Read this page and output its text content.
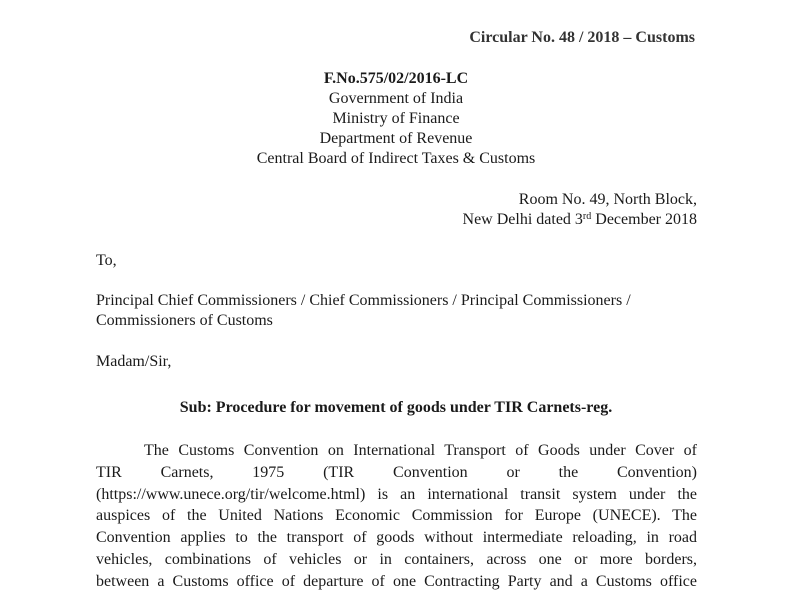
Circular No. 48 / 2018 – Customs
F.No.575/02/2016-LC
Government of India
Ministry of Finance
Department of Revenue
Central Board of Indirect Taxes & Customs
Room No. 49, North Block,
New Delhi dated 3rd December 2018
To,
Principal Chief Commissioners / Chief Commissioners / Principal Commissioners /
Commissioners of Customs
Madam/Sir,
Sub: Procedure for movement of goods under TIR Carnets-reg.
The Customs Convention on International Transport of Goods under Cover of
TIR Carnets, 1975 (TIR Convention or the Convention)
(https://www.unece.org/tir/welcome.html) is an international transit system under the
auspices of the United Nations Economic Commission for Europe (UNECE). The
Convention applies to the transport of goods without intermediate reloading, in road
vehicles, combinations of vehicles or in containers, across one or more borders,
between a Customs office of departure of one Contracting Party and a Customs office
